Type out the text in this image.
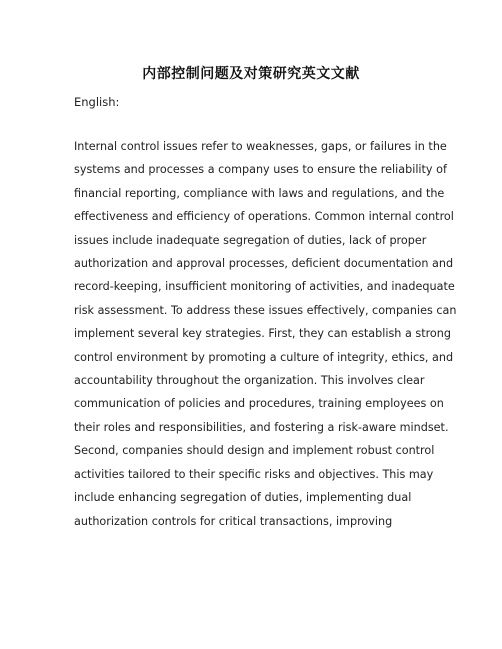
内部控制问题及对策研究英文文献
English:

Internal control issues refer to weaknesses, gaps, or failures in the
systems and processes a company uses to ensure the reliability of
financial reporting, compliance with laws and regulations, and the
effectiveness and efficiency of operations. Common internal control
issues include inadequate segregation of duties, lack of proper
authorization and approval processes, deficient documentation and
record-keeping, insufficient monitoring of activities, and inadequate
risk assessment. To address these issues effectively, companies can
implement several key strategies. First, they can establish a strong
control environment by promoting a culture of integrity, ethics, and
accountability throughout the organization. This involves clear
communication of policies and procedures, training employees on
their roles and responsibilities, and fostering a risk-aware mindset.
Second, companies should design and implement robust control
activities tailored to their specific risks and objectives. This may
include enhancing segregation of duties, implementing dual
authorization controls for critical transactions, improving
